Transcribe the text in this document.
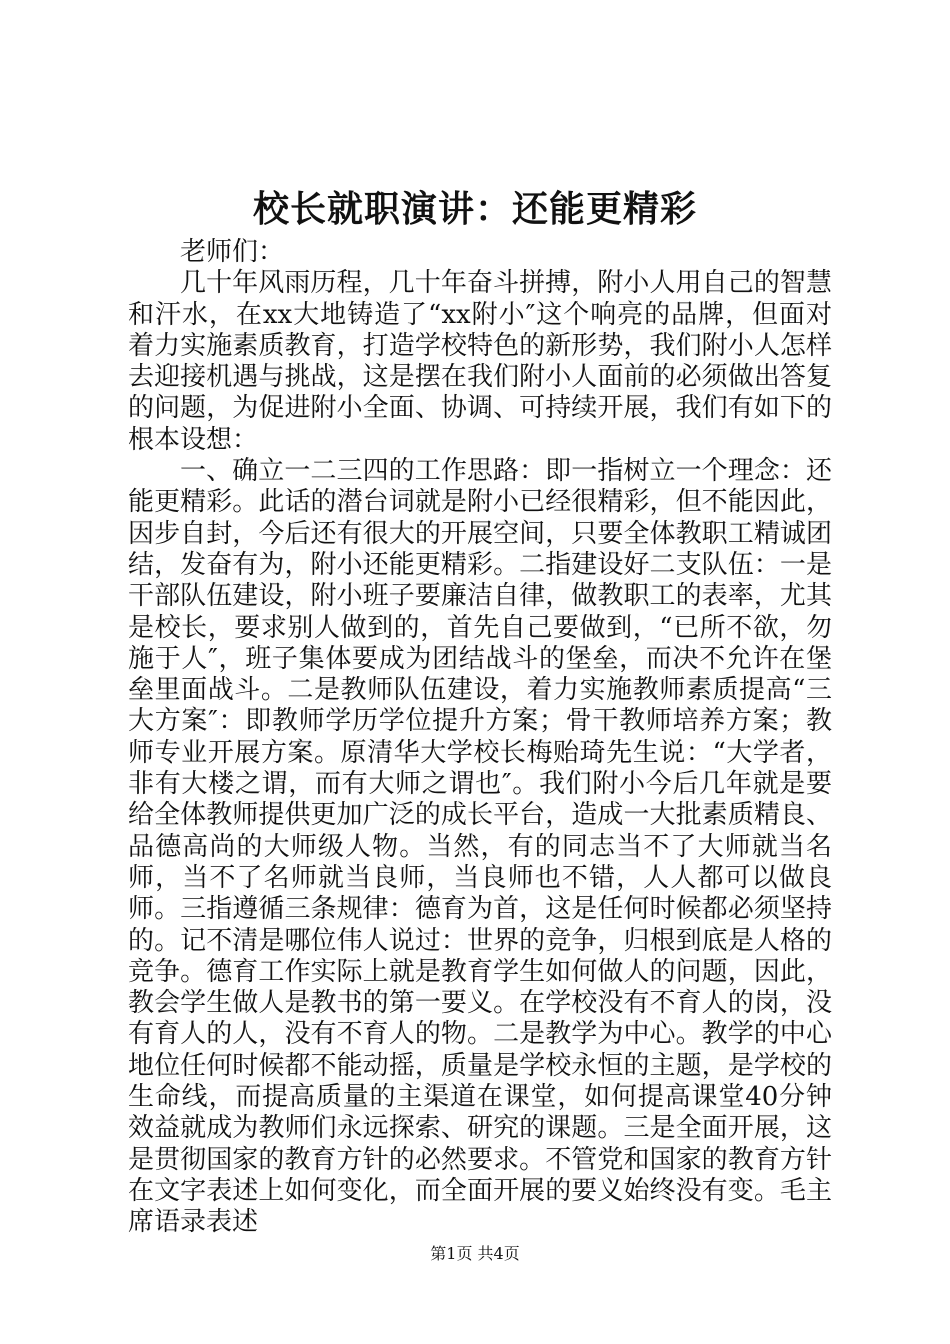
校长就职演讲：还能更精彩

老师们：

几十年风雨历程，几十年奋斗拼搏，附小人用自己的智慧和汗水，在xx大地铸造了“xx附小″这个响亮的品牌，但面对着力实施素质教育，打造学校特色的新形势，我们附小人怎样去迎接机遇与挑战，这是摆在我们附小人面前的必须做出答复的问题，为促进附小全面、协调、可持续开展，我们有如下的根本设想：

一、确立一二三四的工作思路：即一指树立一个理念：还能更精彩。此话的潜台词就是附小已经很精彩，但不能因此，因步自封，今后还有很大的开展空间，只要全体教职工精诚团结，发奋有为，附小还能更精彩。二指建设好二支队伍：一是干部队伍建设，附小班子要廉洁自律，做教职工的表率，尤其是校长，要求别人做到的，首先自己要做到，“已所不欲，勿施于人″，班子集体要成为团结战斗的堡垒，而决不允许在堡垒里面战斗。二是教师队伍建设，着力实施教师素质提高“三大方案″：即教师学历学位提升方案；骨干教师培养方案；教师专业开展方案。原清华大学校长梅贻琦先生说：“大学者，非有大楼之谓，而有大师之谓也″。我们附小今后几年就是要给全体教师提供更加广泛的成长平台，造成一大批素质精良、品德高尚的大师级人物。当然，有的同志当不了大师就当名师，当不了名师就当良师，当良师也不错，人人都可以做良师。三指遵循三条规律：德育为首，这是任何时候都必须坚持的。记不清是哪位伟人说过：世界的竞争，归根到底是人格的竞争。德育工作实际上就是教育学生如何做人的问题，因此，教会学生做人是教书的第一要义。在学校没有不育人的岗，没有育人的人，没有不育人的物。二是教学为中心。教学的中心地位任何时候都不能动摇，质量是学校永恒的主题，是学校的生命线，而提高质量的主渠道在课堂，如何提高课堂40分钟效益就成为教师们永远探索、研究的课题。三是全面开展，这是贯彻国家的教育方针的必然要求。不管党和国家的教育方针在文字表述上如何变化，而全面开展的要义始终没有变。毛主席语录表述

第1页 共4页
